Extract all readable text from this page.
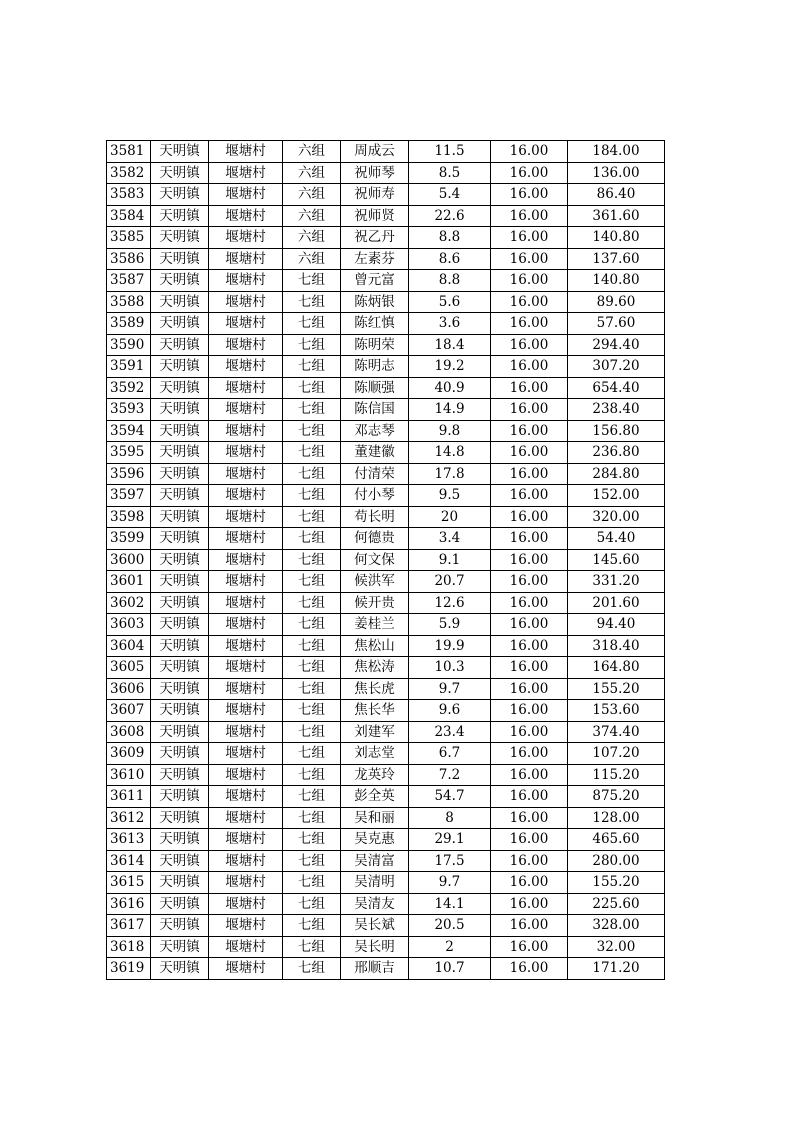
3581	天明镇	堰塘村	六组	周成云	11.5	16.00	184.00
3582	天明镇	堰塘村	六组	祝师琴	8.5	16.00	136.00
3583	天明镇	堰塘村	六组	祝师寿	5.4	16.00	86.40
3584	天明镇	堰塘村	六组	祝师贤	22.6	16.00	361.60
3585	天明镇	堰塘村	六组	祝乙丹	8.8	16.00	140.80
3586	天明镇	堰塘村	六组	左素芬	8.6	16.00	137.60
3587	天明镇	堰塘村	七组	曾元富	8.8	16.00	140.80
3588	天明镇	堰塘村	七组	陈炳银	5.6	16.00	89.60
3589	天明镇	堰塘村	七组	陈红慎	3.6	16.00	57.60
3590	天明镇	堰塘村	七组	陈明荣	18.4	16.00	294.40
3591	天明镇	堰塘村	七组	陈明志	19.2	16.00	307.20
3592	天明镇	堰塘村	七组	陈顺强	40.9	16.00	654.40
3593	天明镇	堰塘村	七组	陈信国	14.9	16.00	238.40
3594	天明镇	堰塘村	七组	邓志琴	9.8	16.00	156.80
3595	天明镇	堰塘村	七组	董建徽	14.8	16.00	236.80
3596	天明镇	堰塘村	七组	付清荣	17.8	16.00	284.80
3597	天明镇	堰塘村	七组	付小琴	9.5	16.00	152.00
3598	天明镇	堰塘村	七组	苟长明	20	16.00	320.00
3599	天明镇	堰塘村	七组	何德贵	3.4	16.00	54.40
3600	天明镇	堰塘村	七组	何文保	9.1	16.00	145.60
3601	天明镇	堰塘村	七组	候洪军	20.7	16.00	331.20
3602	天明镇	堰塘村	七组	候开贵	12.6	16.00	201.60
3603	天明镇	堰塘村	七组	姜桂兰	5.9	16.00	94.40
3604	天明镇	堰塘村	七组	焦松山	19.9	16.00	318.40
3605	天明镇	堰塘村	七组	焦松涛	10.3	16.00	164.80
3606	天明镇	堰塘村	七组	焦长虎	9.7	16.00	155.20
3607	天明镇	堰塘村	七组	焦长华	9.6	16.00	153.60
3608	天明镇	堰塘村	七组	刘建军	23.4	16.00	374.40
3609	天明镇	堰塘村	七组	刘志堂	6.7	16.00	107.20
3610	天明镇	堰塘村	七组	龙英玲	7.2	16.00	115.20
3611	天明镇	堰塘村	七组	彭全英	54.7	16.00	875.20
3612	天明镇	堰塘村	七组	吴和丽	8	16.00	128.00
3613	天明镇	堰塘村	七组	吴克惠	29.1	16.00	465.60
3614	天明镇	堰塘村	七组	吴清富	17.5	16.00	280.00
3615	天明镇	堰塘村	七组	吴清明	9.7	16.00	155.20
3616	天明镇	堰塘村	七组	吴清友	14.1	16.00	225.60
3617	天明镇	堰塘村	七组	吴长斌	20.5	16.00	328.00
3618	天明镇	堰塘村	七组	吴长明	2	16.00	32.00
3619	天明镇	堰塘村	七组	邢顺吉	10.7	16.00	171.20
